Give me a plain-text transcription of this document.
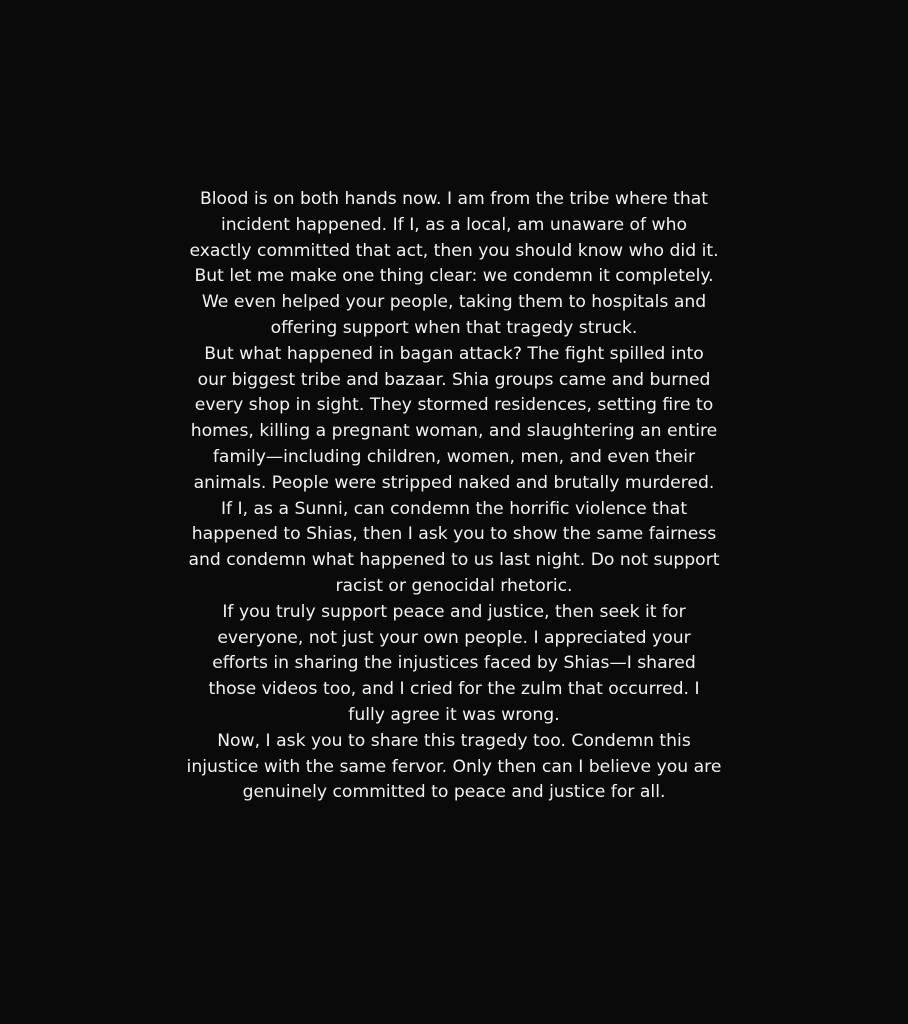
Blood is on both hands now. I am from the tribe where that
incident happened. If I, as a local, am unaware of who
exactly committed that act, then you should know who did it.
But let me make one thing clear: we condemn it completely.
We even helped your people, taking them to hospitals and
offering support when that tragedy struck.
But what happened in bagan attack? The fight spilled into
our biggest tribe and bazaar. Shia groups came and burned
every shop in sight. They stormed residences, setting fire to
homes, killing a pregnant woman, and slaughtering an entire
family—including children, women, men, and even their
animals. People were stripped naked and brutally murdered.
If I, as a Sunni, can condemn the horrific violence that
happened to Shias, then I ask you to show the same fairness
and condemn what happened to us last night. Do not support
racist or genocidal rhetoric.
If you truly support peace and justice, then seek it for
everyone, not just your own people. I appreciated your
efforts in sharing the injustices faced by Shias—I shared
those videos too, and I cried for the zulm that occurred. I
fully agree it was wrong.
Now, I ask you to share this tragedy too. Condemn this
injustice with the same fervor. Only then can I believe you are
genuinely committed to peace and justice for all.
